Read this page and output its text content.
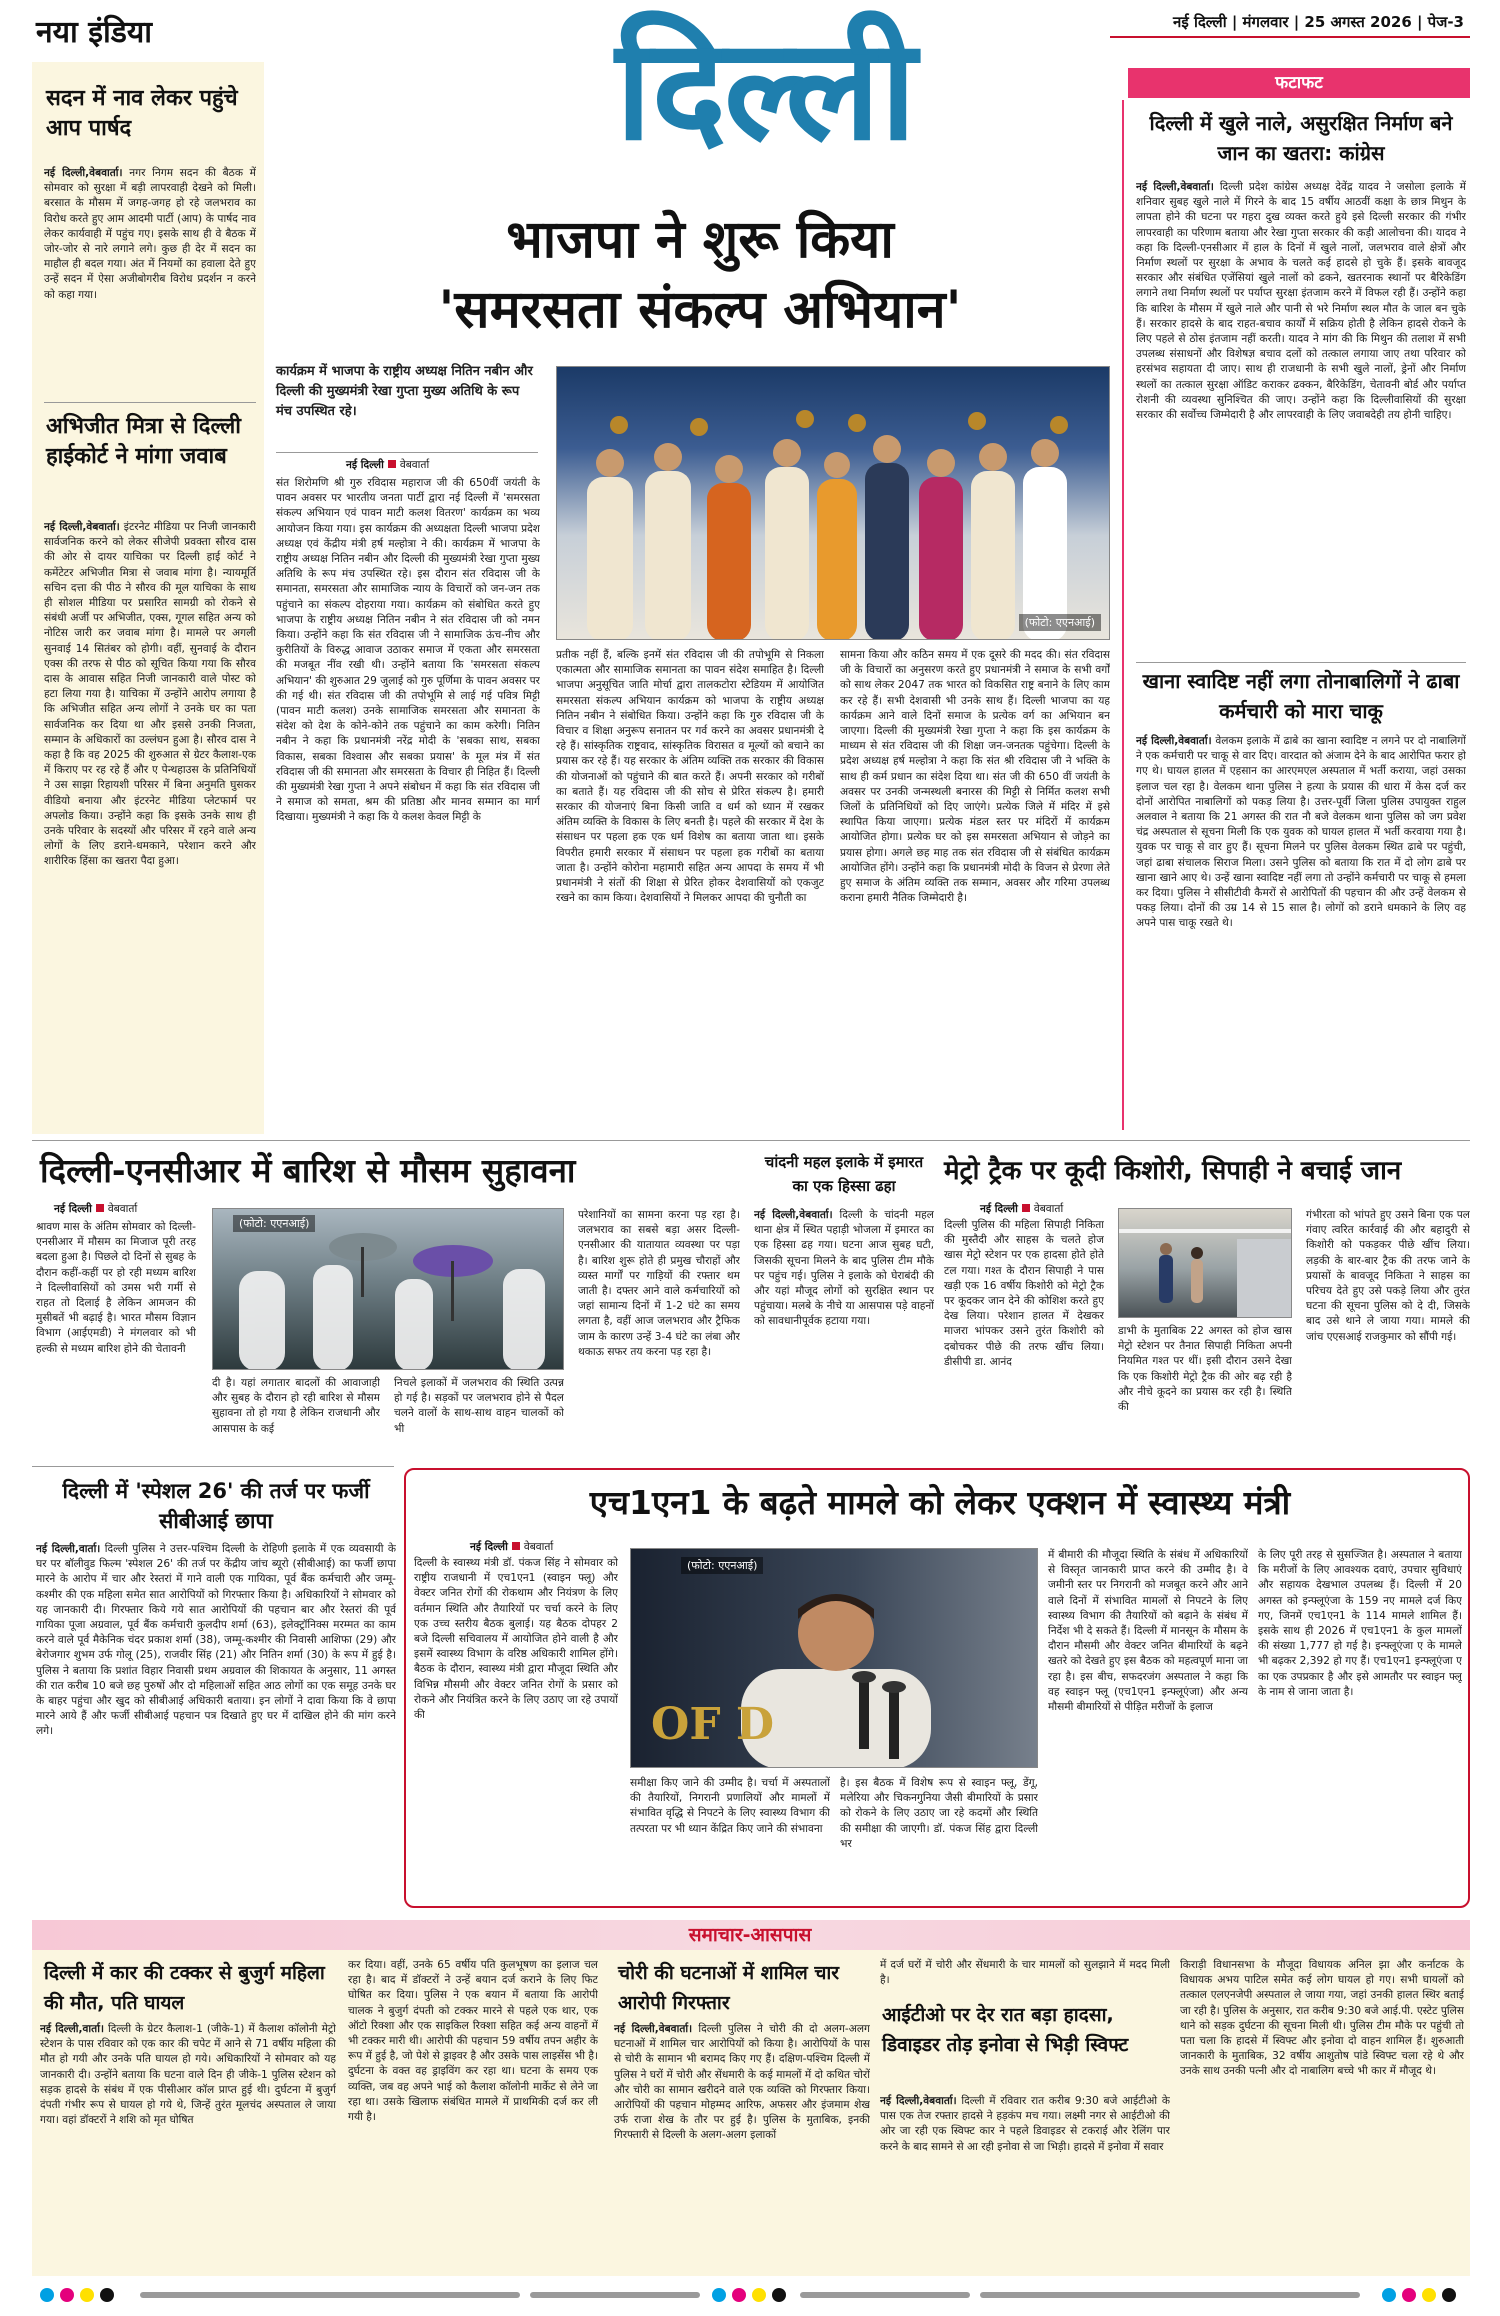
नया इंडिया	नई दिल्ली | मंगलवार | 25 अगस्त 2026 | पेज-3
दिल्ली
सदन में नाव लेकर पहुंचे आप पार्षद
नई दिल्ली,वेबवार्ता। नगर निगम सदन की बैठक में सोमवार को सुरक्षा में बड़ी लापरवाही देखने को मिली। बरसात के मौसम में जगह-जगह हो रहे जलभराव का विरोध करते हुए आम आदमी पार्टी (आप) के पार्षद नाव लेकर कार्यवाही में पहुंच गए। इसके साथ ही वे बैठक में जोर-जोर से नारे लगाने लगे। कुछ ही देर में सदन का माहौल ही बदल गया। अंत में नियमों का हवाला देते हुए उन्हें सदन में ऐसा अजीबोगरीब विरोध प्रदर्शन न करने को कहा गया।
अभिजीत मित्रा से दिल्ली हाईकोर्ट ने मांगा जवाब
नई दिल्ली,वेबवार्ता। इंटरनेट मीडिया पर निजी जानकारी सार्वजनिक करने को लेकर सीजेपी प्रवक्ता सौरव दास की ओर से दायर याचिका पर दिल्ली हाई कोर्ट ने कमेंटेटर अभिजीत मित्रा से जवाब मांगा है। न्यायमूर्ति सचिन दत्ता की पीठ ने सौरव की मूल याचिका के साथ ही सोशल मीडिया पर प्रसारित सामग्री को रोकने से संबंधी अर्जी पर अभिजीत, एक्स, गूगल सहित अन्य को नोटिस जारी कर जवाब मांगा है। मामले पर अगली सुनवाई 14 सितंबर को होगी। वहीं, सुनवाई के दौरान एक्स की तरफ से पीठ को सूचित किया गया कि सौरव दास के आवास सहित निजी जानकारी वाले पोस्ट को हटा लिया गया है। याचिका में उन्होंने आरोप लगाया है कि अभिजीत सहित अन्य लोगों ने उनके घर का पता सार्वजनिक कर दिया था और इससे उनकी निजता, सम्मान के अधिकारों का उल्लंघन हुआ है। सौरव दास ने कहा है कि वह 2025 की शुरुआत से ग्रेटर कैलाश-एक में किराए पर रह रहे हैं और ए पेन्थहाउस के प्रतिनिधियों ने उस साझा रिहायशी परिसर में बिना अनुमति घुसकर वीडियो बनाया और इंटरनेट मीडिया प्लेटफार्म पर अपलोड किया। उन्होंने कहा कि इसके उनके साथ ही उनके परिवार के सदस्यों और परिसर में रहने वाले अन्य लोगों के लिए डराने-धमकाने, परेशान करने और शारीरिक हिंसा का खतरा पैदा हुआ।
भाजपा ने शुरू किया
'समरसता संकल्प अभियान'
कार्यक्रम में भाजपा के राष्ट्रीय अध्यक्ष नितिन नबीन और दिल्ली की मुख्यमंत्री रेखा गुप्ता मुख्य अतिथि के रूप मंच उपस्थित रहे।
(फोटो: एएनआई)
नई दिल्ली वेबवार्ता
संत शिरोमणि श्री गुरु रविदास महाराज जी की 650वीं जयंती के पावन अवसर पर भारतीय जनता पार्टी द्वारा नई दिल्ली में 'समरसता संकल्प अभियान एवं पावन माटी कलश वितरण' कार्यक्रम का भव्य आयोजन किया गया। इस कार्यक्रम की अध्यक्षता दिल्ली भाजपा प्रदेश अध्यक्ष एवं केंद्रीय मंत्री हर्ष मल्होत्रा ने की। कार्यक्रम में भाजपा के राष्ट्रीय अध्यक्ष नितिन नबीन और दिल्ली की मुख्यमंत्री रेखा गुप्ता मुख्य अतिथि के रूप मंच उपस्थित रहे। इस दौरान संत रविदास जी के समानता, समरसता और सामाजिक न्याय के विचारों को जन-जन तक पहुंचाने का संकल्प दोहराया गया। कार्यक्रम को संबोधित करते हुए भाजपा के राष्ट्रीय अध्यक्ष नितिन नबीन ने संत रविदास जी को नमन किया। उन्होंने कहा कि संत रविदास जी ने सामाजिक ऊंच-नीच और कुरीतियों के विरुद्ध आवाज उठाकर समाज में एकता और समरसता की मजबूत नींव रखी थी। उन्होंने बताया कि 'समरसता संकल्प अभियान' की शुरुआत 29 जुलाई को गुरु पूर्णिमा के पावन अवसर पर की गई थी। संत रविदास जी की तपोभूमि से लाई गई पवित्र मिट्टी (पावन माटी कलश) उनके सामाजिक समरसता और समानता के संदेश को देश के कोने-कोने तक पहुंचाने का काम करेगी। नितिन नबीन ने कहा कि प्रधानमंत्री नरेंद्र मोदी के 'सबका साथ, सबका विकास, सबका विश्वास और सबका प्रयास' के मूल मंत्र में संत रविदास जी की समानता और समरसता के विचार ही निहित हैं। दिल्ली की मुख्यमंत्री रेखा गुप्ता ने अपने संबोधन में कहा कि संत रविदास जी ने समाज को समता, श्रम की प्रतिष्ठा और मानव सम्मान का मार्ग दिखाया। मुख्यमंत्री ने कहा कि ये कलश केवल मिट्टी के
प्रतीक नहीं हैं, बल्कि इनमें संत रविदास जी की तपोभूमि से निकला एकात्मता और सामाजिक समानता का पावन संदेश समाहित है। दिल्ली भाजपा अनुसूचित जाति मोर्चा द्वारा तालकटोरा स्टेडियम में आयोजित समरसता संकल्प अभियान कार्यक्रम को भाजपा के राष्ट्रीय अध्यक्ष नितिन नबीन ने संबोधित किया। उन्होंने कहा कि गुरु रविदास जी के विचार व शिक्षा अनुरूप सनातन पर गर्व करने का अवसर प्रधानमंत्री दे रहे हैं। सांस्कृतिक राष्ट्रवाद, सांस्कृतिक विरासत व मूल्यों को बचाने का प्रयास कर रहे हैं। यह सरकार के अंतिम व्यक्ति तक सरकार की विकास की योजनाओं को पहुंचाने की बात करते हैं। अपनी सरकार को गरीबों का बताते हैं। यह रविदास जी की सोच से प्रेरित संकल्प है। हमारी सरकार की योजनाएं बिना किसी जाति व धर्म को ध्यान में रखकर अंतिम व्यक्ति के विकास के लिए बनती है। पहले की सरकार में देश के संसाधन पर पहला हक एक धर्म विशेष का बताया जाता था। इसके विपरीत हमारी सरकार में संसाधन पर पहला हक गरीबों का बताया जाता है। उन्होंने कोरोना महामारी सहित अन्य आपदा के समय में भी प्रधानमंत्री ने संतों की शिक्षा से प्रेरित होकर देशवासियों को एकजुट रखने का काम किया। देशवासियों ने मिलकर आपदा की चुनौती का
सामना किया और कठिन समय में एक दूसरे की मदद की। संत रविदास जी के विचारों का अनुसरण करते हुए प्रधानमंत्री ने समाज के सभी वर्गों को साथ लेकर 2047 तक भारत को विकसित राष्ट्र बनाने के लिए काम कर रहे हैं। सभी देशवासी भी उनके साथ हैं। दिल्ली भाजपा का यह कार्यक्रम आने वाले दिनों समाज के प्रत्येक वर्ग का अभियान बन जाएगा। दिल्ली की मुख्यमंत्री रेखा गुप्ता ने कहा कि इस कार्यक्रम के माध्यम से संत रविदास जी की शिक्षा जन-जनतक पहुंचेगा। दिल्ली के प्रदेश अध्यक्ष हर्ष मल्होत्रा ने कहा कि संत श्री रविदास जी ने भक्ति के साथ ही कर्म प्रधान का संदेश दिया था। संत जी की 650 वीं जयंती के अवसर पर उनकी जन्मस्थली बनारस की मिट्टी से निर्मित कलश सभी जिलों के प्रतिनिधियों को दिए जाएंगे। प्रत्येक जिले में मंदिर में इसे स्थापित किया जाएगा। प्रत्येक मंडल स्तर पर मंदिरों में कार्यक्रम आयोजित होगा। प्रत्येक घर को इस समरसता अभियान से जोड़ने का प्रयास होगा। अगले छह माह तक संत रविदास जी से संबंधित कार्यक्रम आयोजित होंगे। उन्होंने कहा कि प्रधानमंत्री मोदी के विजन से प्रेरणा लेते हुए समाज के अंतिम व्यक्ति तक सम्मान, अवसर और गरिमा उपलब्ध कराना हमारी नैतिक जिम्मेदारी है।
फटाफट
दिल्ली में खुले नाले, असुरक्षित निर्माण बने जान का खतरा: कांग्रेस
नई दिल्ली,वेबवार्ता। दिल्ली प्रदेश कांग्रेस अध्यक्ष देवेंद्र यादव ने जसोला इलाके में शनिवार सुबह खुले नाले में गिरने के बाद 15 वर्षीय आठवीं कक्षा के छात्र मिथुन के लापता होने की घटना पर गहरा दुख व्यक्त करते हुये इसे दिल्ली सरकार की गंभीर लापरवाही का परिणाम बताया और रेखा गुप्ता सरकार की कड़ी आलोचना की। यादव ने कहा कि दिल्ली-एनसीआर में हाल के दिनों में खुले नालों, जलभराव वाले क्षेत्रों और निर्माण स्थलों पर सुरक्षा के अभाव के चलते कई हादसे हो चुके हैं। इसके बावजूद सरकार और संबंधित एजेंसियां खुले नालों को ढकने, खतरनाक स्थानों पर बैरिकेडिंग लगाने तथा निर्माण स्थलों पर पर्याप्त सुरक्षा इंतजाम करने में विफल रही हैं। उन्होंने कहा कि बारिश के मौसम में खुले नाले और पानी से भरे निर्माण स्थल मौत के जाल बन चुके हैं। सरकार हादसे के बाद राहत-बचाव कार्यों में सक्रिय होती है लेकिन हादसे रोकने के लिए पहले से ठोस इंतजाम नहीं करती। यादव ने मांग की कि मिथुन की तलाश में सभी उपलब्ध संसाधनों और विशेषज्ञ बचाव दलों को तत्काल लगाया जाए तथा परिवार को हरसंभव सहायता दी जाए। साथ ही राजधानी के सभी खुले नालों, ड्रेनों और निर्माण स्थलों का तत्काल सुरक्षा ऑडिट कराकर ढक्कन, बैरिकेडिंग, चेतावनी बोर्ड और पर्याप्त रोशनी की व्यवस्था सुनिश्चित की जाए। उन्होंने कहा कि दिल्लीवासियों की सुरक्षा सरकार की सर्वोच्च जिम्मेदारी है और लापरवाही के लिए जवाबदेही तय होनी चाहिए।
खाना स्वादिष्ट नहीं लगा तोनाबालिगों ने ढाबा कर्मचारी को मारा चाकू
नई दिल्ली,वेबवार्ता। वेलकम इलाके में ढाबे का खाना स्वादिष्ट न लगने पर दो नाबालिगों ने एक कर्मचारी पर चाकू से वार दिए। वारदात को अंजाम देने के बाद आरोपित फरार हो गए थे। घायल हालत में एहसान का आरएमएल अस्पताल में भर्ती कराया, जहां उसका इलाज चल रहा है। वेलकम थाना पुलिस ने हत्या के प्रयास की धारा में केस दर्ज कर दोनों आरोपित नाबालिगों को पकड़ लिया है। उत्तर-पूर्वी जिला पुलिस उपायुक्त राहुल अलवाल ने बताया कि 21 अगस्त की रात नौ बजे वेलकम थाना पुलिस को जग प्रवेश चंद्र अस्पताल से सूचना मिली कि एक युवक को घायल हालत में भर्ती करवाया गया है। युवक पर चाकू से वार हुए हैं। सूचना मिलने पर पुलिस वेलकम स्थित ढाबे पर पहुंची, जहां ढाबा संचालक सिराज मिला। उसने पुलिस को बताया कि रात में दो लोग ढाबे पर खाना खाने आए थे। उन्हें खाना स्वादिष्ट नहीं लगा तो उन्होंने कर्मचारी पर चाकू से हमला कर दिया। पुलिस ने सीसीटीवी कैमरों से आरोपितों की पहचान की और उन्हें वेलकम से पकड़ लिया। दोनों की उम्र 14 से 15 साल है। लोगों को डराने धमकाने के लिए वह अपने पास चाकू रखते थे।
दिल्ली-एनसीआर में बारिश से मौसम सुहावना
नई दिल्ली वेबवार्ता
श्रावण मास के अंतिम सोमवार को दिल्ली-एनसीआर में मौसम का मिजाज पूरी तरह बदला हुआ है। पिछले दो दिनों से सुबह के दौरान कहीं-कहीं पर हो रही मध्यम बारिश ने दिल्लीवासियों को उमस भरी गर्मी से राहत तो दिलाई है लेकिन आमजन की मुसीबतें भी बढ़ाई है। भारत मौसम विज्ञान विभाग (आईएमडी) ने मंगलवार को भी हल्की से मध्यम बारिश होने की चेतावनी
(फोटो: एएनआई)
दी है। यहां लगातार बादलों की आवाजाही और सुबह के दौरान हो रही बारिश से मौसम सुहावना तो हो गया है लेकिन राजधानी और आसपास के कई
निचले इलाकों में जलभराव की स्थिति उत्पन्न हो गई है। सड़कों पर जलभराव होने से पैदल चलने वालों के साथ-साथ वाहन चालकों को भी
परेशानियों का सामना करना पड़ रहा है। जलभराव का सबसे बड़ा असर दिल्ली-एनसीआर की यातायात व्यवस्था पर पड़ा है। बारिश शुरू होते ही प्रमुख चौराहों और व्यस्त मार्गों पर गाड़ियों की रफ्तार थम जाती है। दफ्तर आने वाले कर्मचारियों को जहां सामान्य दिनों में 1-2 घंटे का समय लगता है, वहीं आज जलभराव और ट्रैफिक जाम के कारण उन्हें 3-4 घंटे का लंबा और थकाऊ सफर तय करना पड़ रहा है।
चांदनी महल इलाके में इमारत का एक हिस्सा ढहा
नई दिल्ली,वेबवार्ता। दिल्ली के चांदनी महल थाना क्षेत्र में स्थित पहाड़ी भोजला में इमारत का एक हिस्सा ढह गया। घटना आज सुबह घटी, जिसकी सूचना मिलने के बाद पुलिस टीम मौके पर पहुंच गई। पुलिस ने इलाके को घेराबंदी की और यहां मौजूद लोगों को सुरक्षित स्थान पर पहुंचाया। मलबे के नीचे या आसपास पड़े वाहनों को सावधानीपूर्वक हटाया गया।
मेट्रो ट्रैक पर कूदी किशोरी, सिपाही ने बचाई जान
नई दिल्ली वेबवार्ता
दिल्ली पुलिस की महिला सिपाही निकिता की मुस्तैदी और साहस के चलते होज खास मेट्रो स्टेशन पर एक हादसा होते होते टल गया। गश्त के दौरान सिपाही ने पास खड़ी एक 16 वर्षीय किशोरी को मेट्रो ट्रैक पर कूदकर जान देने की कोशिश करते हुए देख लिया। परेशान हालत में देखकर माजरा भांपकर उसने तुरंत किशोरी को दबोचकर पीछे की तरफ खींच लिया। डीसीपी डा. आनंद
डाभी के मुताबिक 22 अगस्त को होज खास मेट्रो स्टेशन पर तैनात सिपाही निकिता अपनी नियमित गश्त पर थीं। इसी दौरान उसने देखा कि एक किशोरी मेट्रो ट्रैक की ओर बढ़ रही है और नीचे कूदने का प्रयास कर रही है। स्थिति की
गंभीरता को भांपते हुए उसने बिना एक पल गंवाए त्वरित कार्रवाई की और बहादुरी से किशोरी को पकड़कर पीछे खींच लिया। लड़की के बार-बार ट्रैक की तरफ जाने के प्रयासों के बावजूद निकिता ने साहस का परिचय देते हुए उसे पकड़े लिया और तुरंत घटना की सूचना पुलिस को दे दी, जिसके बाद उसे थाने ले जाया गया। मामले की जांच एएसआई राजकुमार को सौंपी गई।
दिल्ली में 'स्पेशल 26' की तर्ज पर फर्जी सीबीआई छापा
नई दिल्ली,वार्ता। दिल्ली पुलिस ने उत्तर-पश्चिम दिल्ली के रोहिणी इलाके में एक व्यवसायी के घर पर बॉलीवुड फिल्म 'स्पेशल 26' की तर्ज पर केंद्रीय जांच ब्यूरो (सीबीआई) का फर्जी छापा मारने के आरोप में चार और रेस्तरां में गाने वाली एक गायिका, पूर्व बैंक कर्मचारी और जम्मू-कश्मीर की एक महिला समेत सात आरोपियों को गिरफ्तार किया है। अधिकारियों ने सोमवार को यह जानकारी दी। गिरफ्तार किये गये सात आरोपियों की पहचान बार और रेस्तरां की पूर्व गायिका पूजा अग्रवाल, पूर्व बैंक कर्मचारी कुलदीप शर्मा (63), इलेक्ट्रॉनिक्स मरम्मत का काम करने वाले पूर्व मैकेनिक चंदर प्रकाश शर्मा (38), जम्मू-कश्मीर की निवासी आशिफा (29) और बेरोजगार शुभम उर्फ गोलू (25), राजवीर सिंह (21) और नितिन शर्मा (30) के रूप में हुई है। पुलिस ने बताया कि प्रशांत विहार निवासी प्रथम अग्रवाल की शिकायत के अनुसार, 11 अगस्त की रात करीब 10 बजे छह पुरुषों और दो महिलाओं सहित आठ लोगों का एक समूह उनके घर के बाहर पहुंचा और खुद को सीबीआई अधिकारी बताया। इन लोगों ने दावा किया कि वे छापा मारने आये हैं और फर्जी सीबीआई पहचान पत्र दिखाते हुए घर में दाखिल होने की मांग करने लगे।
एच1एन1 के बढ़ते मामले को लेकर एक्शन में स्वास्थ्य मंत्री
नई दिल्ली वेबवार्ता
दिल्ली के स्वास्थ्य मंत्री डॉ. पंकज सिंह ने सोमवार को राष्ट्रीय राजधानी में एच1एन1 (स्वाइन फ्लू) और वेक्टर जनित रोगों की रोकथाम और नियंत्रण के लिए वर्तमान स्थिति और तैयारियों पर चर्चा करने के लिए एक उच्च स्तरीय बैठक बुलाई। यह बैठक दोपहर 2 बजे दिल्ली सचिवालय में आयोजित होने वाली है और इसमें स्वास्थ्य विभाग के वरिष्ठ अधिकारी शामिल होंगे। बैठक के दौरान, स्वास्थ्य मंत्री द्वारा मौजूदा स्थिति और विभिन्न मौसमी और वेक्टर जनित रोगों के प्रसार को रोकने और नियंत्रित करने के लिए उठाए जा रहे उपायों की	OF D
(फोटो: एएनआई)
समीक्षा किए जाने की उम्मीद है। चर्चा में अस्पतालों की तैयारियों, निगरानी प्रणालियों और मामलों में संभावित वृद्धि से निपटने के लिए स्वास्थ्य विभाग की तत्परता पर भी ध्यान केंद्रित किए जाने की संभावना
है। इस बैठक में विशेष रूप से स्वाइन फ्लू, डेंगू, मलेरिया और चिकनगुनिया जैसी बीमारियों के प्रसार को रोकने के लिए उठाए जा रहे कदमों और स्थिति की समीक्षा की जाएगी। डॉ. पंकज सिंह द्वारा दिल्ली भर
में बीमारी की मौजूदा स्थिति के संबंध में अधिकारियों से विस्तृत जानकारी प्राप्त करने की उम्मीद है। वे जमीनी स्तर पर निगरानी को मजबूत करने और आने वाले दिनों में संभावित मामलों से निपटने के लिए स्वास्थ्य विभाग की तैयारियों को बढ़ाने के संबंध में निर्देश भी दे सकते हैं। दिल्ली में मानसून के मौसम के दौरान मौसमी और वेक्टर जनित बीमारियों के बढ़ने खतरे को देखते हुए इस बैठक को महत्वपूर्ण माना जा रहा है। इस बीच, सफदरजंग अस्पताल ने कहा कि वह स्वाइन फ्लू (एच1एन1 इन्फ्लूएंजा) और अन्य मौसमी बीमारियों से पीड़ित मरीजों के इलाज
के लिए पूरी तरह से सुसज्जित है। अस्पताल ने बताया कि मरीजों के लिए आवश्यक दवाएं, उपचार सुविधाएं और सहायक देखभाल उपलब्ध हैं। दिल्ली में 20 अगस्त को इन्फ्लूएंजा के 159 नए मामले दर्ज किए गए, जिनमें एच1एन1 के 114 मामले शामिल हैं। इसके साथ ही 2026 में एच1एन1 के कुल मामलों की संख्या 1,777 हो गई है। इन्फ्लूएंजा ए के मामले भी बढ़कर 2,392 हो गए हैं। एच1एन1 इन्फ्लूएंजा ए का एक उपप्रकार है और इसे आमतौर पर स्वाइन फ्लू के नाम से जाना जाता है।
समाचार-आसपास
दिल्ली में कार की टक्कर से बुजुर्ग महिला की मौत, पति घायल
नई दिल्ली,वार्ता। दिल्ली के ग्रेटर कैलाश-1 (जीके-1) में कैलाश कॉलोनी मेट्रो स्टेशन के पास रविवार को एक कार की चपेट में आने से 71 वर्षीय महिला की मौत हो गयी और उनके पति घायल हो गये। अधिकारियों ने सोमवार को यह जानकारी दी। उन्होंने बताया कि घटना वाले दिन ही जीके-1 पुलिस स्टेशन को सड़क हादसे के संबंध में एक पीसीआर कॉल प्राप्त हुई थी। दुर्घटना में बुजुर्ग दंपती गंभीर रूप से घायल हो गये थे, जिन्हें तुरंत मूलचंद अस्पताल ले जाया गया। वहां डॉक्टरों ने शशि को मृत घोषित
कर दिया। वहीं, उनके 65 वर्षीय पति कुलभूषण का इलाज चल रहा है। बाद में डॉक्टरों ने उन्हें बयान दर्ज कराने के लिए फिट घोषित कर दिया। पुलिस ने एक बयान में बताया कि आरोपी चालक ने बुजुर्ग दंपती को टक्कर मारने से पहले एक थार, एक ऑटो रिक्शा और एक साइकिल रिक्शा सहित कई अन्य वाहनों में भी टक्कर मारी थी। आरोपी की पहचान 59 वर्षीय तपन अहीर के रूप में हुई है, जो पेशे से ड्राइवर है और उसके पास लाइसेंस भी है। दुर्घटना के वक्त वह ड्राइविंग कर रहा था। घटना के समय एक व्यक्ति, जब वह अपने भाई को कैलाश कॉलोनी मार्केट से लेने जा रहा था। उसके खिलाफ संबंधित मामले में प्राथमिकी दर्ज कर ली गयी है।
चोरी की घटनाओं में शामिल चार आरोपी गिरफ्तार
नई दिल्ली,वेबवार्ता। दिल्ली पुलिस ने चोरी की दो अलग-अलग घटनाओं में शामिल चार आरोपियों को किया है। आरोपियों के पास से चोरी के सामान भी बरामद किए गए हैं। दक्षिण-पश्चिम दिल्ली में पुलिस ने घरों में चोरी और सेंधमारी के कई मामलों में दो कथित चोरों और चोरी का सामान खरीदने वाले एक व्यक्ति को गिरफ्तार किया। आरोपियों की पहचान मोहम्मद आरिफ, अफसर और इंजमाम शेख उर्फ राजा शेख के तौर पर हुई है। पुलिस के मुताबिक, इनकी गिरफ्तारी से दिल्ली के अलग-अलग इलाकों
में दर्ज घरों में चोरी और सेंधमारी के चार मामलों को सुलझाने में मदद मिली है।
आईटीओ पर देर रात बड़ा हादसा, डिवाइडर तोड़ इनोवा से भिड़ी स्विफ्ट
नई दिल्ली,वेबवार्ता। दिल्ली में रविवार रात करीब 9:30 बजे आईटीओ के पास एक तेज रफ्तार हादसे ने हड़कंप मच गया। लक्ष्मी नगर से आईटीओ की ओर जा रही एक स्विफ्ट कार ने पहले डिवाइडर से टकराई और रेलिंग पार करने के बाद सामने से आ रही इनोवा से जा भिड़ी। हादसे में इनोवा में सवार
किराड़ी विधानसभा के मौजूदा विधायक अनिल झा और कर्नाटक के विधायक अभय पाटिल समेत कई लोग घायल हो गए। सभी घायलों को तत्काल एलएनजेपी अस्पताल ले जाया गया, जहां उनकी हालत स्थिर बताई जा रही है। पुलिस के अनुसार, रात करीब 9:30 बजे आई.पी. एस्टेट पुलिस थाने को सड़क दुर्घटना की सूचना मिली थी। पुलिस टीम मौके पर पहुंची तो पता चला कि हादसे में स्विफ्ट और इनोवा दो वाहन शामिल हैं। शुरुआती जानकारी के मुताबिक, 32 वर्षीय आशुतोष पांडे स्विफ्ट चला रहे थे और उनके साथ उनकी पत्नी और दो नाबालिग बच्चे भी कार में मौजूद थे।
